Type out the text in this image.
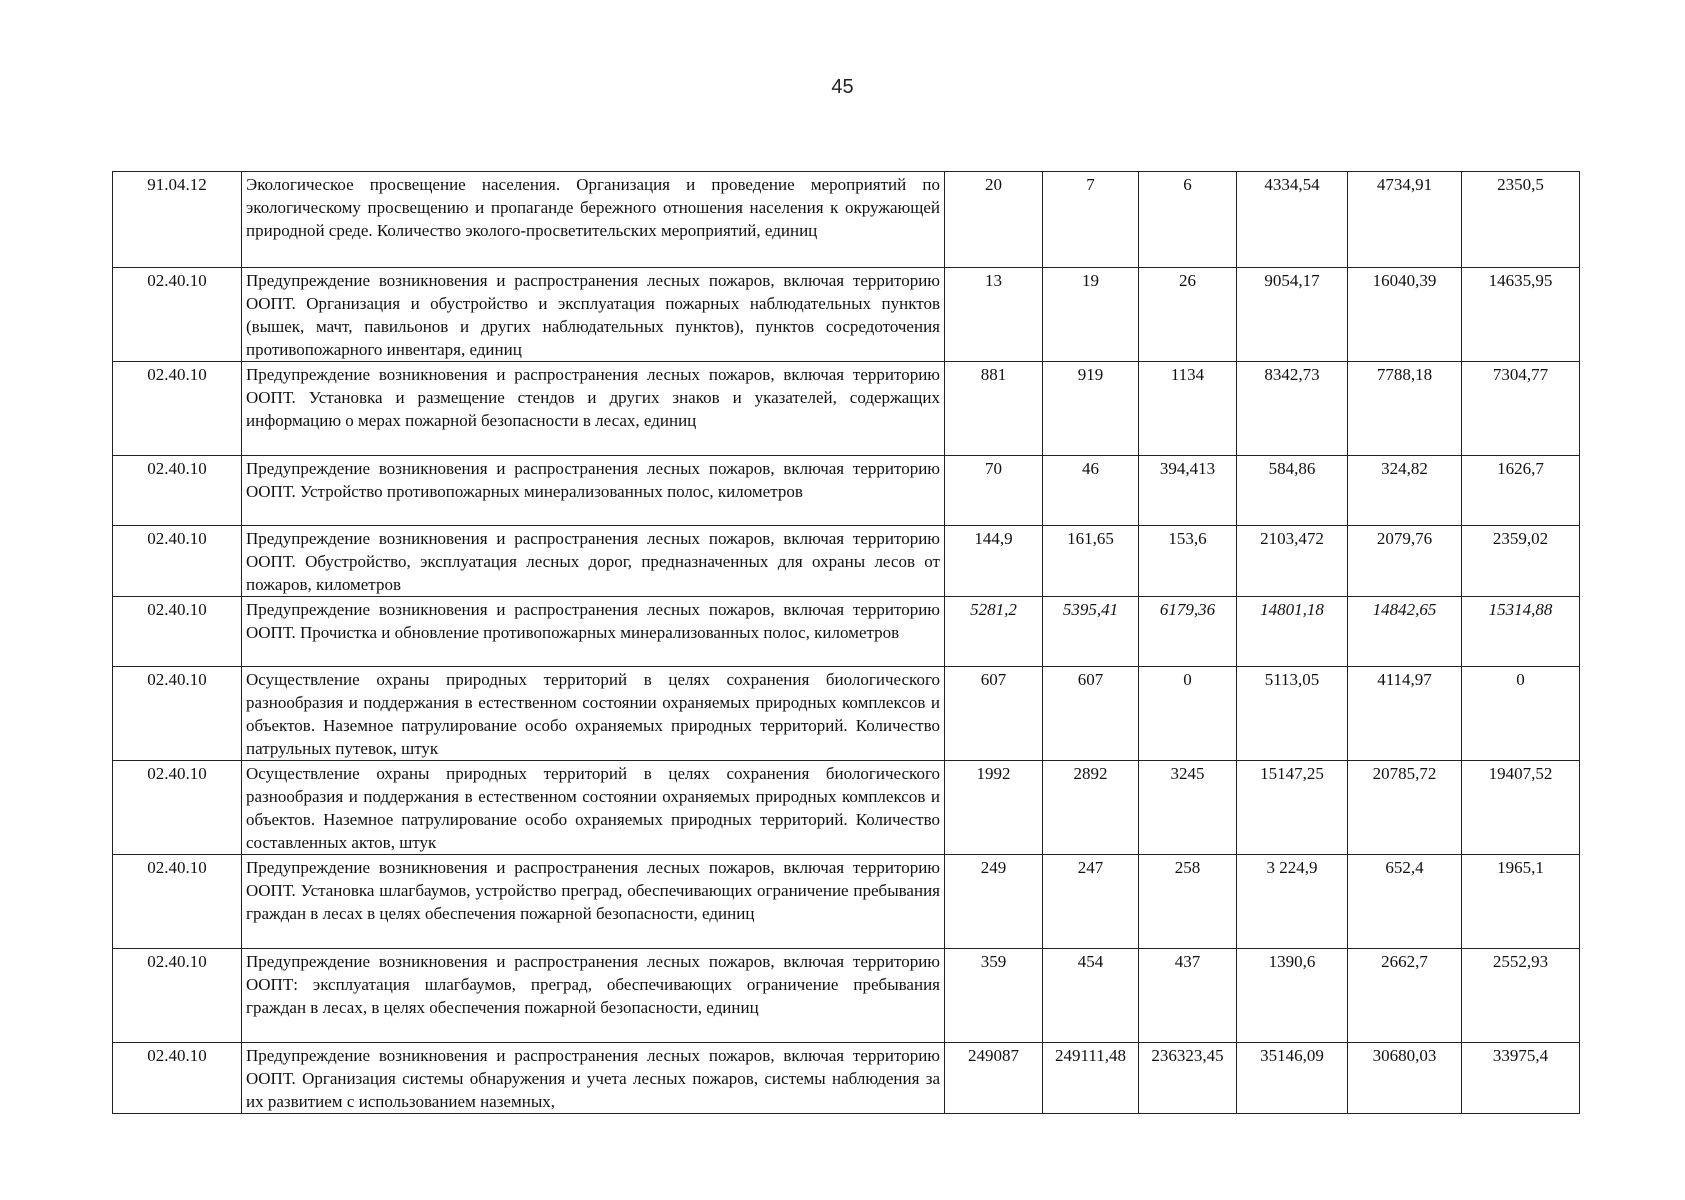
45
91.04.12	Экологическое просвещение населения. Организация и проведение мероприятий по экологическому просвещению и пропаганде бережного отношения населения к окружающей природной среде. Количество эколого-просветительских мероприятий, единиц	20	7	6	4334,54	4734,91	2350,5
02.40.10	Предупреждение возникновения и распространения лесных пожаров, включая территорию ООПТ. Организация и обустройство и эксплуатация пожарных наблюдательных пунктов (вышек, мачт, павильонов и других наблюдательных пунктов), пунктов сосредоточения противопожарного инвентаря, единиц	13	19	26	9054,17	16040,39	14635,95
02.40.10	Предупреждение возникновения и распространения лесных пожаров, включая территорию ООПТ. Установка и размещение стендов и других знаков и указателей, содержащих информацию о мерах пожарной безопасности в лесах, единиц	881	919	1134	8342,73	7788,18	7304,77
02.40.10	Предупреждение возникновения и распространения лесных пожаров, включая территорию ООПТ. Устройство противопожарных минерализованных полос, километров	70	46	394,413	584,86	324,82	1626,7
02.40.10	Предупреждение возникновения и распространения лесных пожаров, включая территорию ООПТ. Обустройство, эксплуатация лесных дорог, предназначенных для охраны лесов от пожаров, километров	144,9	161,65	153,6	2103,472	2079,76	2359,02
02.40.10	Предупреждение возникновения и распространения лесных пожаров, включая территорию ООПТ. Прочистка и обновление противопожарных минерализованных полос, километров	5281,2	5395,41	6179,36	14801,18	14842,65	15314,88
02.40.10	Осуществление охраны природных территорий в целях сохранения биологического разнообразия и поддержания в естественном состоянии охраняемых природных комплексов и объектов. Наземное патрулирование особо охраняемых природных территорий. Количество патрульных путевок, штук	607	607	0	5113,05	4114,97	0
02.40.10	Осуществление охраны природных территорий в целях сохранения биологического разнообразия и поддержания в естественном состоянии охраняемых природных комплексов и объектов. Наземное патрулирование особо охраняемых природных территорий. Количество составленных актов, штук	1992	2892	3245	15147,25	20785,72	19407,52
02.40.10	Предупреждение возникновения и распространения лесных пожаров, включая территорию ООПТ. Установка шлагбаумов, устройство преград, обеспечивающих ограничение пребывания граждан в лесах в целях обеспечения пожарной безопасности, единиц	249	247	258	3 224,9	652,4	1965,1
02.40.10	Предупреждение возникновения и распространения лесных пожаров, включая территорию ООПТ: эксплуатация шлагбаумов, преград, обеспечивающих ограничение пребывания граждан в лесах, в целях обеспечения пожарной безопасности, единиц	359	454	437	1390,6	2662,7	2552,93
02.40.10	Предупреждение возникновения и распространения лесных пожаров, включая территорию ООПТ. Организация системы обнаружения и учета лесных пожаров, системы наблюдения за их развитием с использованием наземных,	249087	249111,48	236323,45	35146,09	30680,03	33975,4
